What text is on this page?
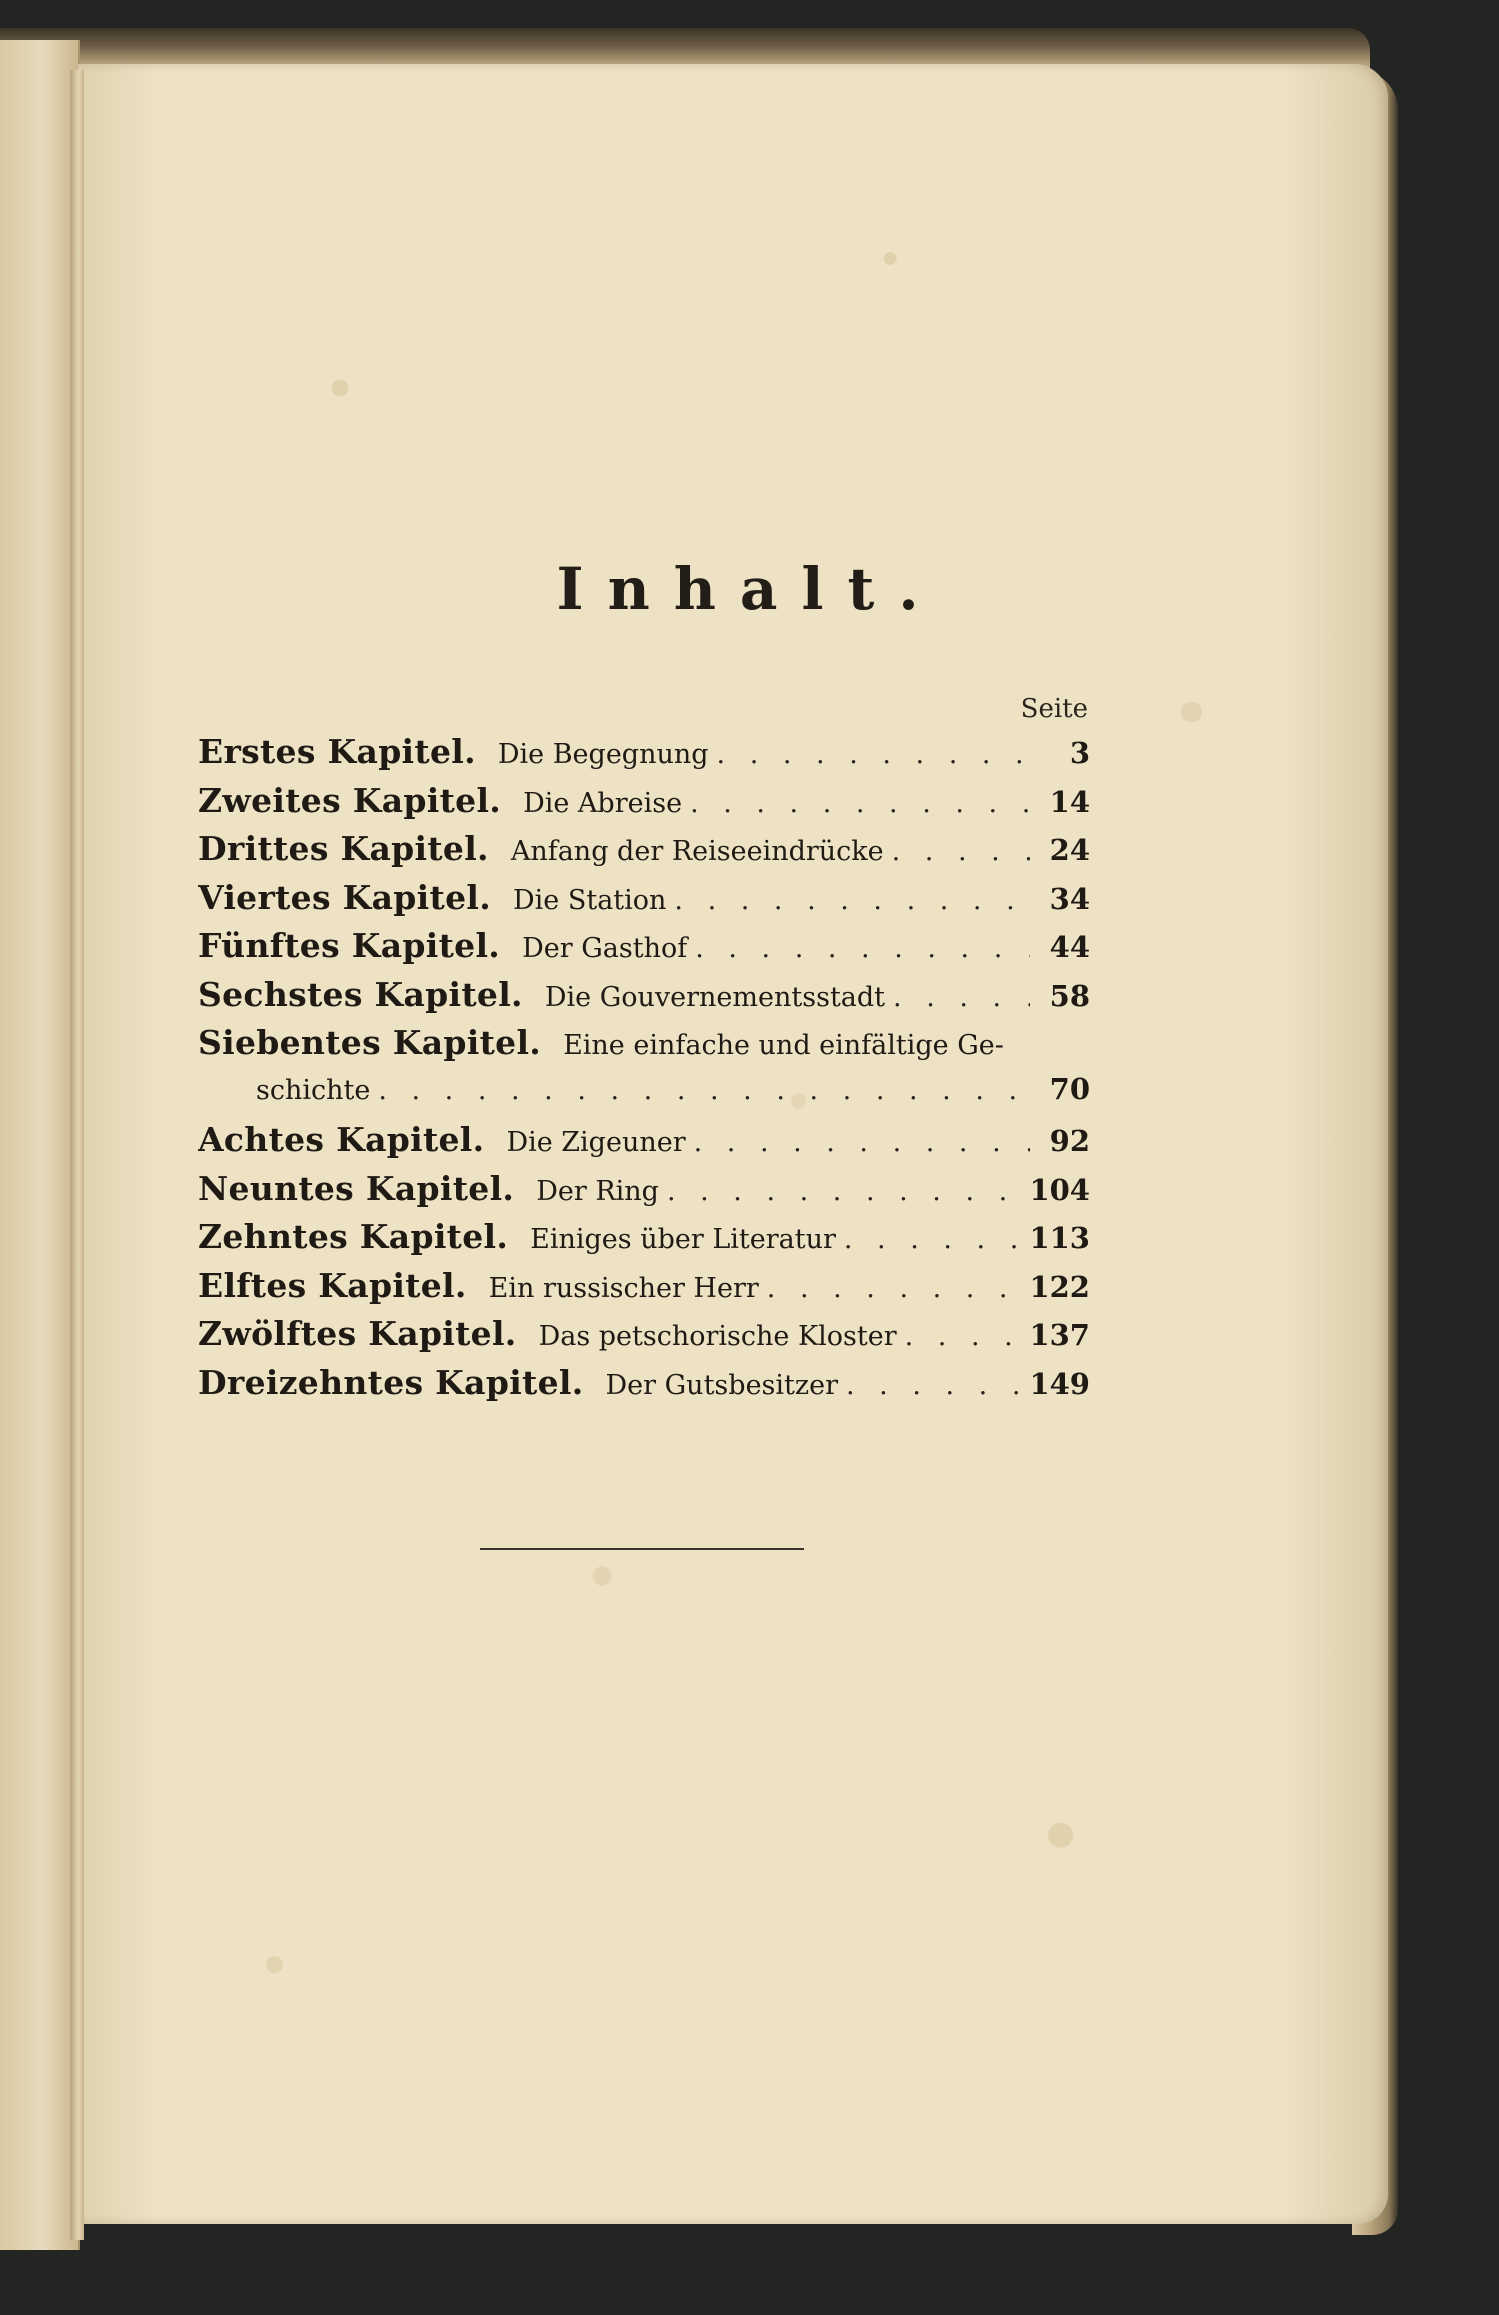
Inhalt.
Seite
Erstes Kapitel. Die Begegnung . . .	3
Zweites Kapitel. Die Abreise . . .	14
Drittes Kapitel. Anfang der Reiseeindrücke . . .	24
Viertes Kapitel. Die Station . . .	34
Fünftes Kapitel. Der Gasthof . . .	44
Sechstes Kapitel. Die Gouvernementsstadt . . .	58
Siebentes Kapitel. Eine einfache und einfältige Ge-
schichte . . .	70
Achtes Kapitel. Die Zigeuner . . .	92
Neuntes Kapitel. Der Ring . . .	104
Zehntes Kapitel. Einiges über Literatur . . .	113
Elftes Kapitel. Ein russischer Herr . . .	122
Zwölftes Kapitel. Das petschorische Kloster . . .	137
Dreizehntes Kapitel. Der Gutsbesitzer . . .	149
